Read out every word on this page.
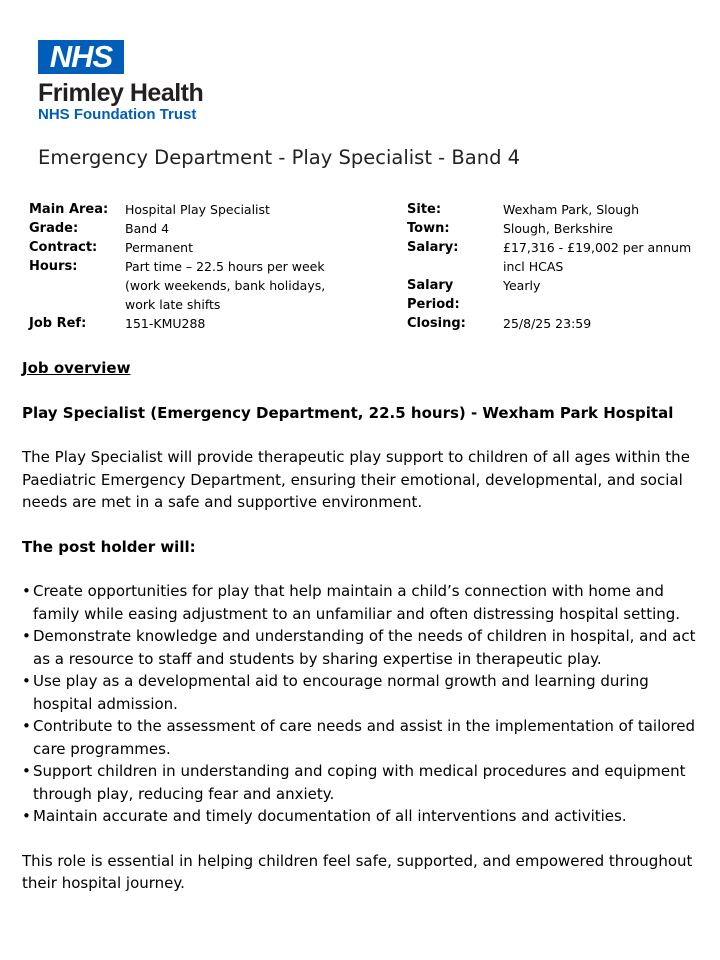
NHS
Frimley Health
NHS Foundation Trust
Emergency Department - Play Specialist - Band 4
Main Area:	Hospital Play Specialist
Grade:	Band 4
Contract:	Permanent
Hours:	Part time – 22.5 hours per week (work weekends, bank holidays, work late shifts
Job Ref:	151-KMU288
Site:	Wexham Park, Slough
Town:	Slough, Berkshire
Salary:	£17,316 - £19,002 per annum incl HCAS
Salary Period:
Yearly
Closing:	25/8/25 23:59

Job overview

Play Specialist (Emergency Department, 22.5 hours) - Wexham Park Hospital

The Play Specialist will provide therapeutic play support to children of all ages within the Paediatric Emergency Department, ensuring their emotional, developmental, and social needs are met in a safe and supportive environment.

The post holder will:

• Create opportunities for play that help maintain a child’s connection with home and family while easing adjustment to an unfamiliar and often distressing hospital setting.
• Demonstrate knowledge and understanding of the needs of children in hospital, and act as a resource to staff and students by sharing expertise in therapeutic play.
• Use play as a developmental aid to encourage normal growth and learning during hospital admission.
• Contribute to the assessment of care needs and assist in the implementation of tailored care programmes.
• Support children in understanding and coping with medical procedures and equipment through play, reducing fear and anxiety.
• Maintain accurate and timely documentation of all interventions and activities.

This role is essential in helping children feel safe, supported, and empowered throughout their hospital journey.
